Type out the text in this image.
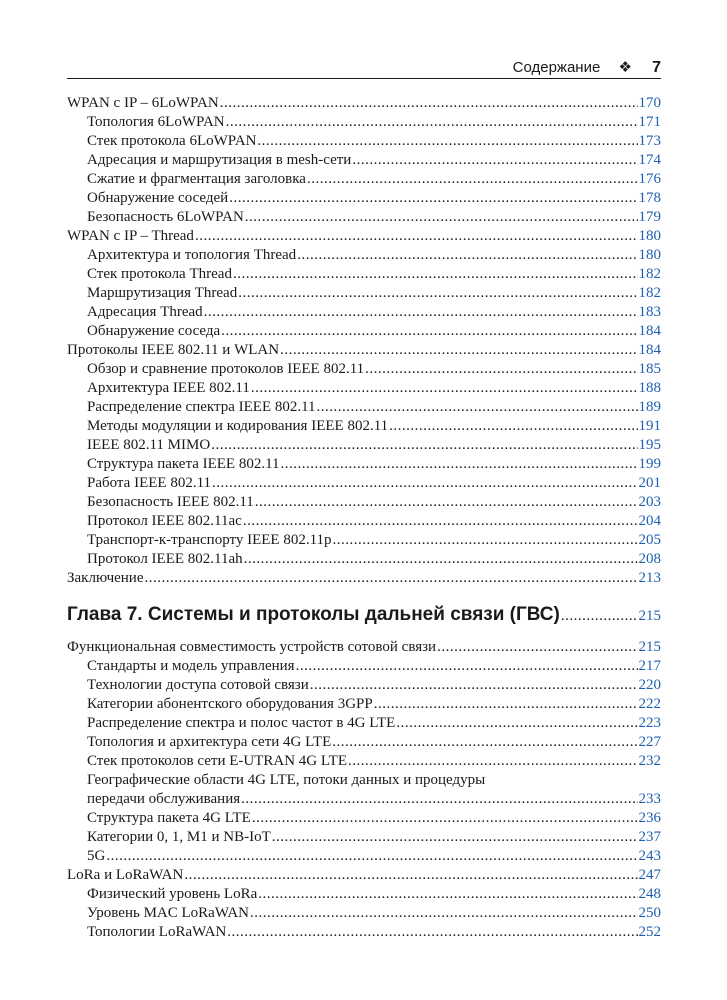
Содержание ❖ 7
WPAN с IP – 6LoWPAN .....	170
Топология 6LoWPAN .....	171
Стек протокола 6LoWPAN .....	173
Адресация и маршрутизация в mesh-сети .....	174
Сжатие и фрагментация заголовка .....	176
Обнаружение соседей .....	178
Безопасность 6LoWPAN .....	179
WPAN с IP – Thread .....	180
Архитектура и топология Thread .....	180
Стек протокола Thread .....	182
Маршрутизация Thread .....	182
Адресация Thread .....	183
Обнаружение соседа .....	184
Протоколы IEEE 802.11 и WLAN .....	184
Обзор и сравнение протоколов IEEE 802.11 .....	185
Архитектура IEEE 802.11 .....	188
Распределение спектра IEEE 802.11 .....	189
Методы модуляции и кодирования IEEE 802.11 .....	191
IEEE 802.11 MIMO .....	195
Структура пакета IEEE 802.11 .....	199
Работа IEEE 802.11 .....	201
Безопасность IEEE 802.11 .....	203
Протокол IEEE 802.11ac .....	204
Транспорт-к-транспорту IEEE 802.11p .....	205
Протокол IEEE 802.11ah .....	208
Заключение .....	213
Глава 7. Системы и протоколы дальней связи (ГВС) .....	215
Функциональная совместимость устройств сотовой связи .....	215
Стандарты и модель управления .....	217
Технологии доступа сотовой связи .....	220
Категории абонентского оборудования 3GPP .....	222
Распределение спектра и полос частот в 4G LTE .....	223
Топология и архитектура сети 4G LTE .....	227
Стек протоколов сети E-UTRAN 4G LTE .....	232
Географические области 4G LTE, потоки данных и процедуры
передачи обслуживания .....	233
Структура пакета 4G LTE .....	236
Категории 0, 1, M1 и NB-IoT .....	237
5G .....	243
LoRa и LoRaWAN .....	247
Физический уровень LoRa .....	248
Уровень MAC LoRaWAN .....	250
Топологии LoRaWAN .....	252
